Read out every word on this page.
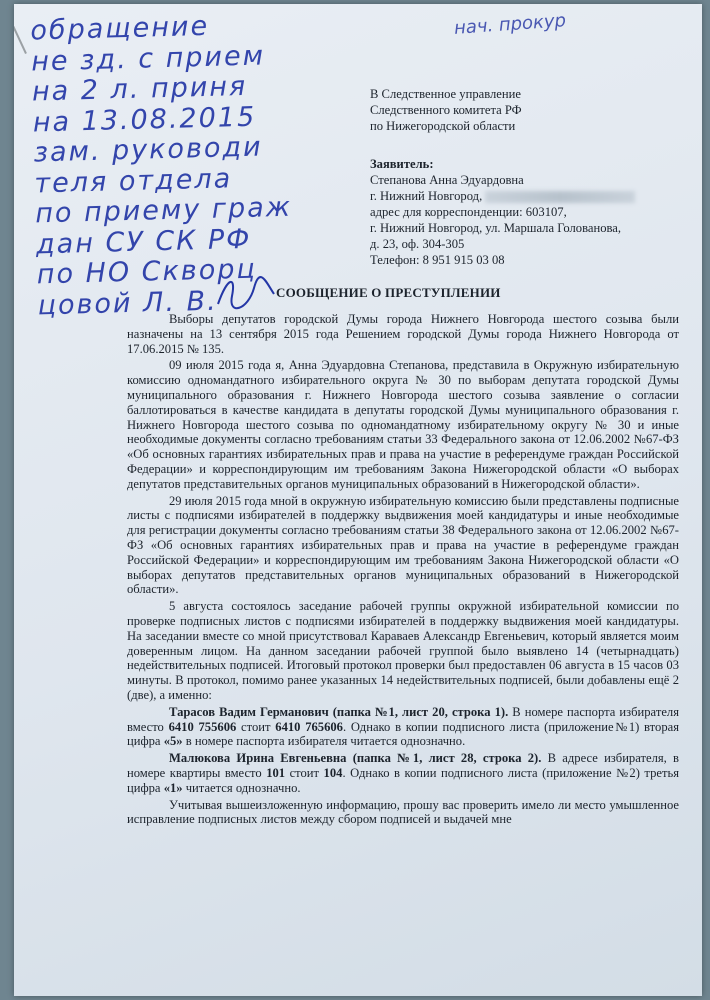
обращение
не зд. с прием
на 2 л. приня
на 13.08.2015
зам. руководи
теля отдела
по приему граж
дан СУ СК РФ
по НО Скворц
цовой Л. В.
нач. прокур
В Следственное управление
Следственного комитета РФ
по Нижегородской области
Заявитель:
Степанова Анна Эдуардовна
г. Нижний Новгород,
адрес для корреспонденции: 603107,
г. Нижний Новгород, ул. Маршала Голованова,
д. 23, оф. 304-305
Телефон: 8 951 915 03 08
СООБЩЕНИЕ О ПРЕСТУПЛЕНИИ

Выборы депутатов городской Думы города Нижнего Новгорода шестого созыва были назначены на 13 сентября 2015 года Решением городской Думы города Нижнего Новгорода от 17.06.2015 № 135.

09 июля 2015 года я, Анна Эдуардовна Степанова, представила в Окружную избирательную комиссию одномандатного избирательного округа № 30 по выборам депутата городской Думы муниципального образования г. Нижнего Новгорода шестого созыва заявление о согласии баллотироваться в качестве кандидата в депутаты городской Думы муниципального образования г. Нижнего Новгорода шестого созыва по одномандатному избирательному округу № 30 и иные необходимые документы согласно требованиям статьи 33 Федерального закона от 12.06.2002 №67-ФЗ «Об основных гарантиях избирательных прав и права на участие в референдуме граждан Российской Федерации» и корреспондирующим им требованиям Закона Нижегородской области «О выборах депутатов представительных органов муниципальных образований в Нижегородской области».

29 июля 2015 года мной в окружную избирательную комиссию были представлены подписные листы с подписями избирателей в поддержку выдвижения моей кандидатуры и иные необходимые для регистрации документы согласно требованиям статьи 38 Федерального закона от 12.06.2002 №67-ФЗ «Об основных гарантиях избирательных прав и права на участие в референдуме граждан Российской Федерации» и корреспондирующим им требованиям Закона Нижегородской области «О выборах депутатов представительных органов муниципальных образований в Нижегородской области».

5 августа состоялось заседание рабочей группы окружной избирательной комиссии по проверке подписных листов с подписями избирателей в поддержку выдвижения моей кандидатуры. На заседании вместе со мной присутствовал Караваев Александр Евгеньевич, который является моим доверенным лицом. На данном заседании рабочей группой было выявлено 14 (четырнадцать) недействительных подписей. Итоговый протокол проверки был предоставлен 06 августа в 15 часов 03 минуты. В протокол, помимо ранее указанных 14 недействительных подписей, были добавлены ещё 2 (две), а именно:

Тарасов Вадим Германович (папка №1, лист 20, строка 1). В номере паспорта избирателя вместо 6410 755606 стоит 6410 765606. Однако в копии подписного листа (приложение№1) вторая цифра «5» в номере паспорта избирателя читается однозначно.

Малюкова Ирина Евгеньевна (папка №1, лист 28, строка 2). В адресе избирателя, в номере квартиры вместо 101 стоит 104. Однако в копии подписного листа (приложение №2) третья цифра «1» читается однозначно.

Учитывая вышеизложенную информацию, прошу вас проверить имело ли место умышленное исправление подписных листов между сбором подписей и выдачей мне
